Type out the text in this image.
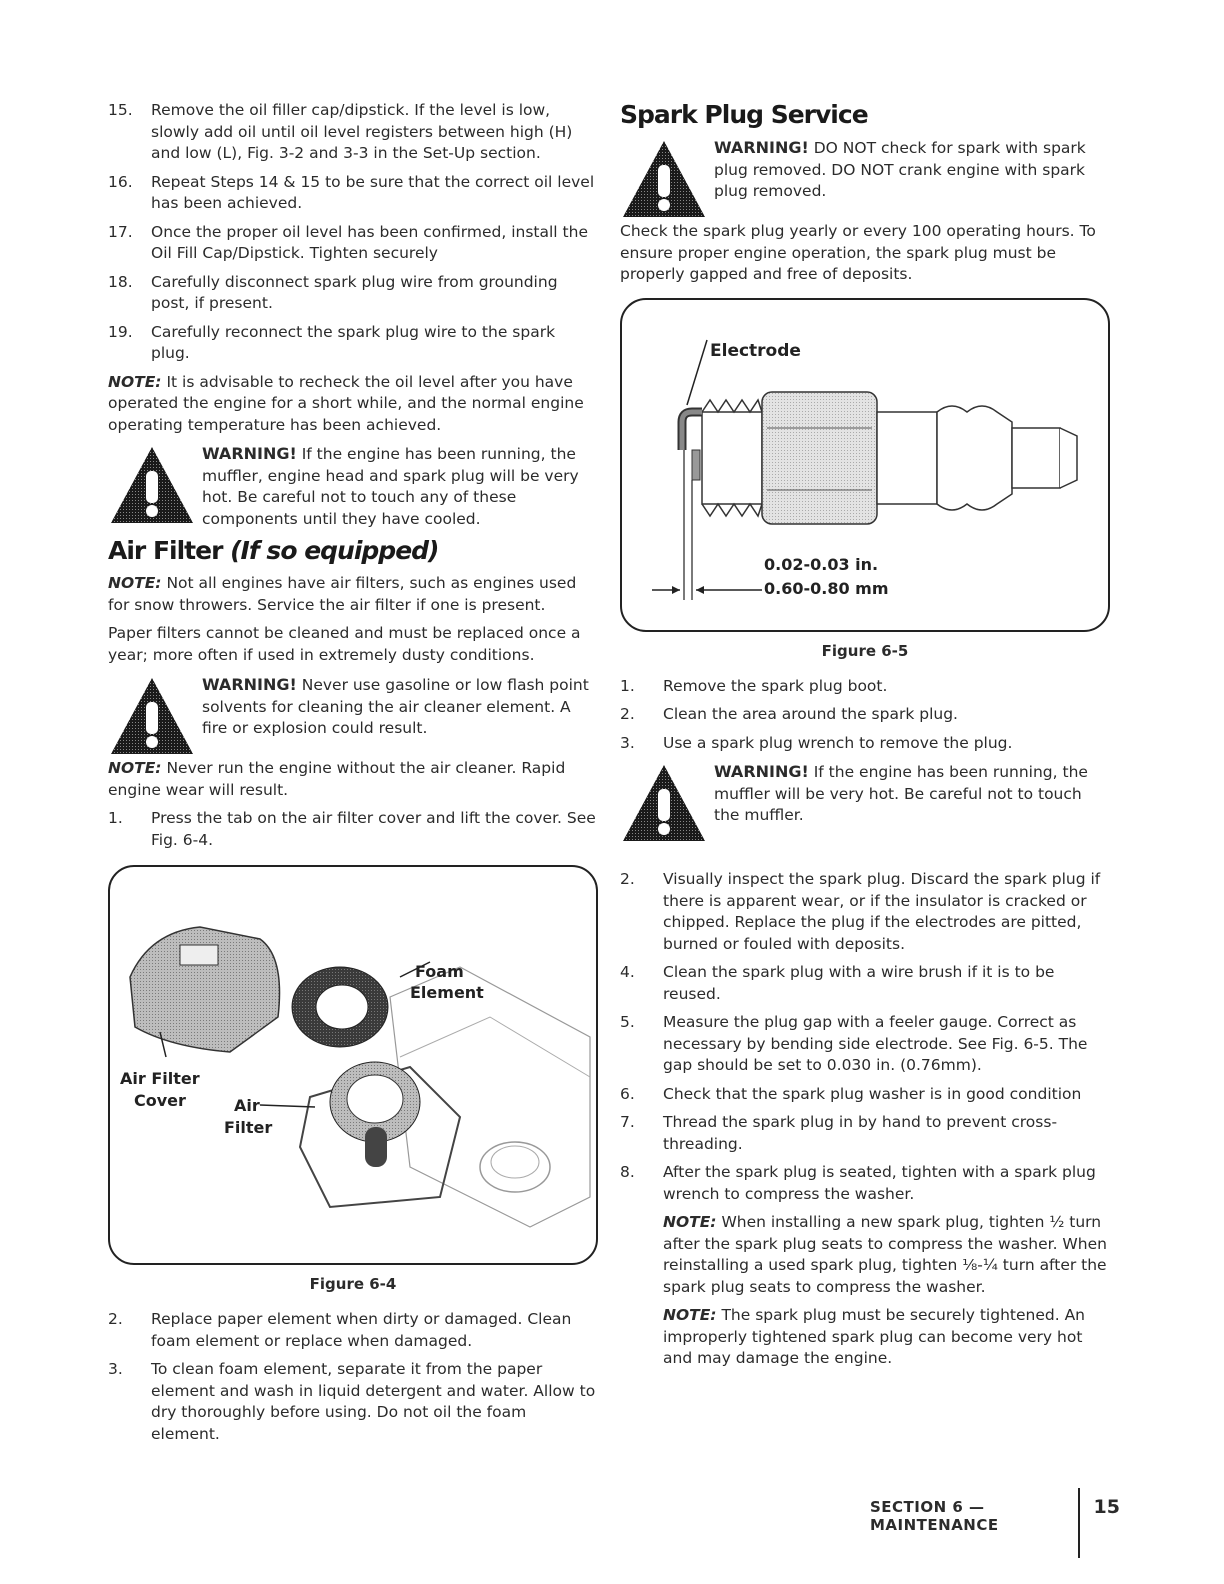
15. Remove the oil filler cap/dipstick. If the level is low, slowly add oil until oil level registers between high (H) and low (L), Fig. 3-2 and 3-3 in the Set-Up section.
16. Repeat Steps 14 & 15 to be sure that the correct oil level has been achieved.
17. Once the proper oil level has been confirmed, install the Oil Fill Cap/Dipstick. Tighten securely
18. Carefully disconnect spark plug wire from grounding post, if present.
19. Carefully reconnect the spark plug wire to the spark plug.

NOTE: It is advisable to recheck the oil level after you have operated the engine for a short while, and the normal engine operating temperature has been achieved.

WARNING! If the engine has been running, the muffler, engine head and spark plug will be very hot. Be careful not to touch any of these components until they have cooled.

Air Filter (If so equipped)

NOTE: Not all engines have air filters, such as engines used for snow throwers. Service the air filter if one is present.

Paper filters cannot be cleaned and must be replaced once a year; more often if used in extremely dusty conditions.

WARNING! Never use gasoline or low flash point solvents for cleaning the air cleaner element. A fire or explosion could result.

NOTE: Never run the engine without the air cleaner. Rapid engine wear will result.

1. Press the tab on the air filter cover and lift the cover. See Fig. 6-4.
Foam
Element
Air Filter
Cover	Air
Filter
Figure 6-4
2. Replace paper element when dirty or damaged. Clean foam element or replace when damaged.
3. To clean foam element, separate it from the paper element and wash in liquid detergent and water. Allow to dry thoroughly before using. Do not oil the foam element.
Spark Plug Service

WARNING! DO NOT check for spark with spark plug removed. DO NOT crank engine with spark plug removed.

Check the spark plug yearly or every 100 operating hours. To ensure proper engine operation, the spark plug must be properly gapped and free of deposits.

Electrode
0.02-0.03 in.
0.60-0.80 mm
Figure 6-5
1. Remove the spark plug boot.
2. Clean the area around the spark plug.
3. Use a spark plug wrench to remove the plug.

WARNING! If the engine has been running, the muffler will be very hot. Be careful not to touch the muffler.

2. Visually inspect the spark plug. Discard the spark plug if there is apparent wear, or if the insulator is cracked or chipped. Replace the plug if the electrodes are pitted, burned or fouled with deposits.
4. Clean the spark plug with a wire brush if it is to be reused.
5. Measure the plug gap with a feeler gauge. Correct as necessary by bending side electrode. See Fig. 6-5. The gap should be set to 0.030 in. (0.76mm).
6. Check that the spark plug washer is in good condition
7. Thread the spark plug in by hand to prevent cross-threading.
8. After the spark plug is seated, tighten with a spark plug wrench to compress the washer.

NOTE: When installing a new spark plug, tighten ½ turn after the spark plug seats to compress the washer. When reinstalling a used spark plug, tighten ⅛-¼ turn after the spark plug seats to compress the washer.

NOTE: The spark plug must be securely tightened. An improperly tightened spark plug can become very hot and may damage the engine.

SECTION 6 — MAINTENANCE
15
